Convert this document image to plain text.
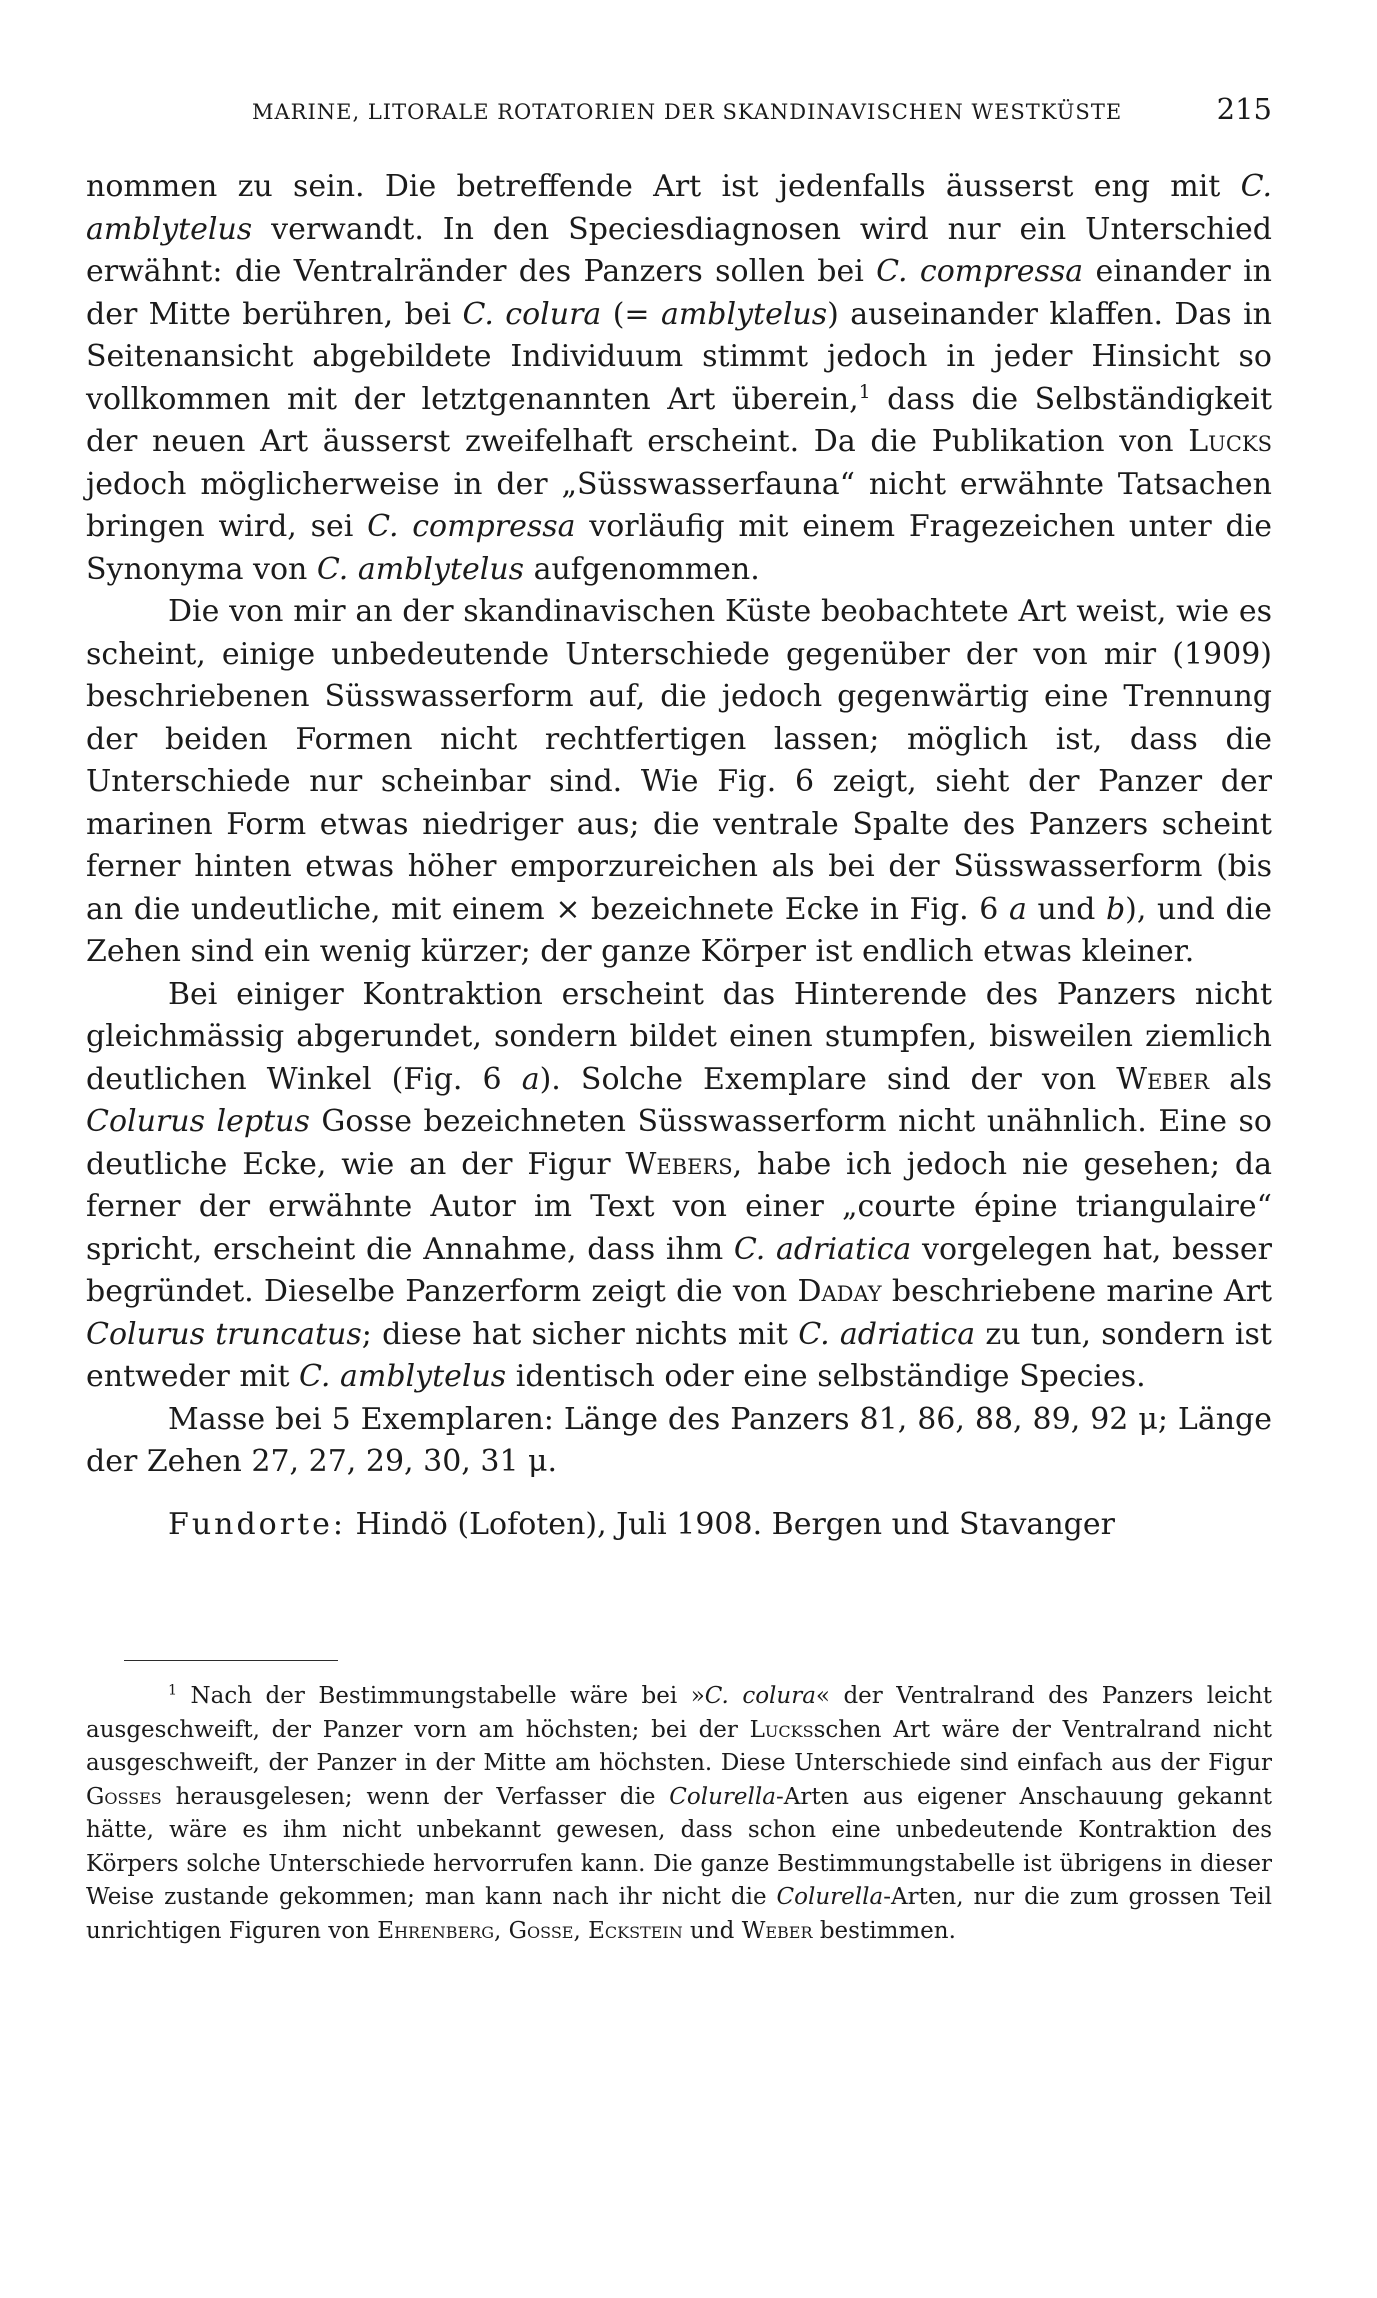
MARINE, LITORALE ROTATORIEN DER SKANDINAVISCHEN WESTKÜSTE	215

nommen zu sein. Die betreffende Art ist jedenfalls äusserst eng mit C. amblytelus verwandt. In den Speciesdiagnosen wird nur ein Unterschied erwähnt: die Ventralränder des Panzers sollen bei C. compressa einander in der Mitte berühren, bei C. colura (= amblytelus) auseinander klaffen. Das in Seitenansicht abgebildete Individuum stimmt jedoch in jeder Hinsicht so vollkommen mit der letztgenannten Art überein,$^1$ dass die Selbständigkeit der neuen Art äusserst zweifelhaft erscheint. Da die Publikation von Lucks jedoch möglicherweise in der „Süsswasserfauna“ nicht erwähnte Tatsachen bringen wird, sei C. compressa vorläufig mit einem Fragezeichen unter die Synonyma von C. amblytelus aufgenommen.

Die von mir an der skandinavischen Küste beobachtete Art weist, wie es scheint, einige unbedeutende Unterschiede gegenüber der von mir (1909) beschriebenen Süsswasserform auf, die jedoch gegenwärtig eine Trennung der beiden Formen nicht rechtfertigen lassen; möglich ist, dass die Unterschiede nur scheinbar sind. Wie Fig. 6 zeigt, sieht der Panzer der marinen Form etwas niedriger aus; die ventrale Spalte des Panzers scheint ferner hinten etwas höher emporzureichen als bei der Süsswasserform (bis an die undeutliche, mit einem × bezeichnete Ecke in Fig. 6 a und b), und die Zehen sind ein wenig kürzer; der ganze Körper ist endlich etwas kleiner.

Bei einiger Kontraktion erscheint das Hinterende des Panzers nicht gleichmässig abgerundet, sondern bildet einen stumpfen, bisweilen ziemlich deutlichen Winkel (Fig. 6 a). Solche Exemplare sind der von Weber als Colurus leptus Gosse bezeichneten Süsswasserform nicht unähnlich. Eine so deutliche Ecke, wie an der Figur Webers, habe ich jedoch nie gesehen; da ferner der erwähnte Autor im Text von einer „courte épine triangulaire“ spricht, erscheint die Annahme, dass ihm C. adriatica vorgelegen hat, besser begründet. Dieselbe Panzerform zeigt die von Daday beschriebene marine Art Colurus truncatus; diese hat sicher nichts mit C. adriatica zu tun, sondern ist entweder mit C. amblytelus identisch oder eine selbständige Species.

Masse bei 5 Exemplaren: Länge des Panzers 81, 86, 88, 89, 92 μ; Länge der Zehen 27, 27, 29, 30, 31 μ.

Fundorte: Hindö (Lofoten), Juli 1908. Bergen und Stavanger

$^1$ Nach der Bestimmungstabelle wäre bei »C. colura« der Ventralrand des Panzers leicht ausgeschweift, der Panzer vorn am höchsten; bei der Lucksschen Art wäre der Ventralrand nicht ausgeschweift, der Panzer in der Mitte am höchsten. Diese Unterschiede sind einfach aus der Figur Gosses herausgelesen; wenn der Verfasser die Colurella-Arten aus eigener Anschauung gekannt hätte, wäre es ihm nicht unbekannt gewesen, dass schon eine unbedeutende Kontraktion des Körpers solche Unterschiede hervorrufen kann. Die ganze Bestimmungstabelle ist übrigens in dieser Weise zustande gekommen; man kann nach ihr nicht die Colurella-Arten, nur die zum grossen Teil unrichtigen Figuren von Ehrenberg, Gosse, Eckstein und Weber bestimmen.
